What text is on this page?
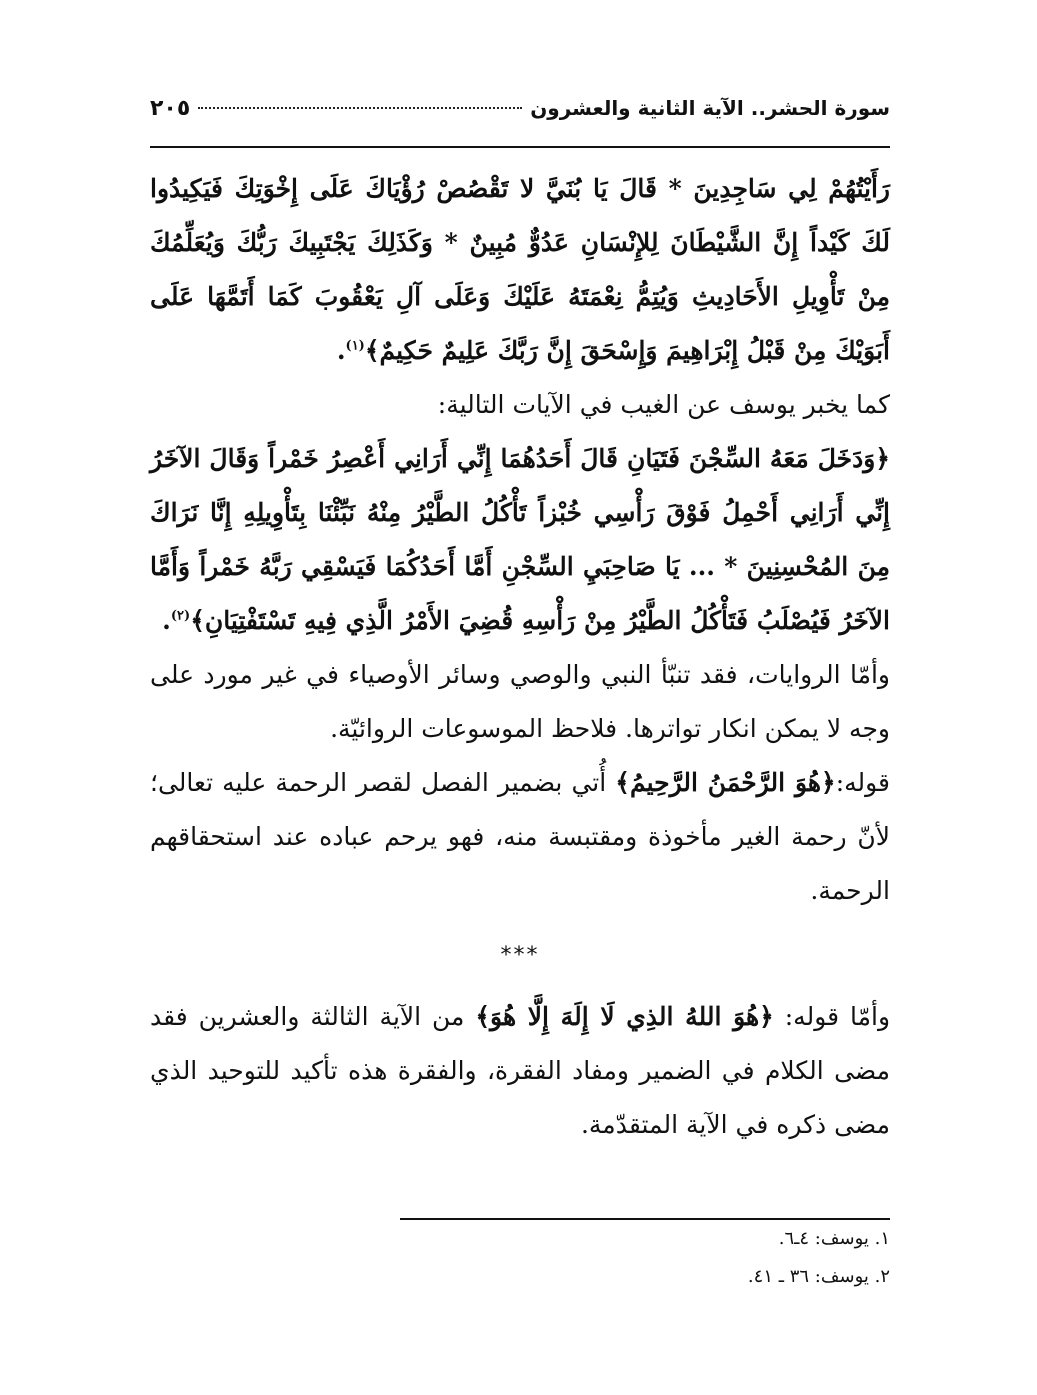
سورة الحشر.. الآية الثانية والعشرون
٢٠٥

رَأَيْتُهُمْ لِي سَاجِدِينَ * قَالَ يَا بُنَيَّ لا تَقْصُصْ رُؤْيَاكَ عَلَى إِخْوَتِكَ فَيَكِيدُوا لَكَ كَيْداً إِنَّ الشَّيْطَانَ لِلإِنْسَانِ عَدُوٌّ مُبِينٌ * وَكَذَلِكَ يَجْتَبِيكَ رَبُّكَ وَيُعَلِّمُكَ مِنْ تَأْوِيلِ الأَحَادِيثِ وَيُتِمُّ نِعْمَتَهُ عَلَيْكَ وَعَلَى آلِ يَعْقُوبَ كَمَا أَتَمَّهَا عَلَى أَبَوَيْكَ مِنْ قَبْلُ إِبْرَاهِيمَ وَإِسْحَقَ إِنَّ رَبَّكَ عَلِيمٌ حَكِيمٌ﴾$^{(١)}$.

كما يخبر يوسف عن الغيب في الآيات التالية:

﴿وَدَخَلَ مَعَهُ السِّجْنَ فَتَيَانِ قَالَ أَحَدُهُمَا إِنِّي أَرَانِي أَعْصِرُ خَمْراً وَقَالَ الآخَرُ إِنِّي أَرَانِي أَحْمِلُ فَوْقَ رَأْسِي خُبْزاً تَأْكُلُ الطَّيْرُ مِنْهُ نَبِّئْنَا بِتَأْوِيلِهِ إِنَّا نَرَاكَ مِنَ المُحْسِنِينَ * ... يَا صَاحِبَيِ السِّجْنِ أَمَّا أَحَدُكُمَا فَيَسْقِي رَبَّهُ خَمْراً وَأَمَّا الآخَرُ فَيُصْلَبُ فَتَأْكُلُ الطَّيْرُ مِنْ رَأْسِهِ قُضِيَ الأَمْرُ الَّذِي فِيهِ تَسْتَفْتِيَانِ﴾$^{(٢)}$.

وأمّا الروايات، فقد تنبّأ النبي والوصي وسائر الأوصياء في غير مورد على وجه لا يمكن انكار تواترها. فلاحظ الموسوعات الروائيّة.

قوله:﴿هُوَ الرَّحْمَنُ الرَّحِيمُ﴾ أُتي بضمير الفصل لقصر الرحمة عليه تعالى؛ لأنّ رحمة الغير مأخوذة ومقتبسة منه، فهو يرحم عباده عند استحقاقهم الرحمة.

***

وأمّا قوله: ﴿هُوَ اللهُ الذِي لَا إِلَهَ إِلَّا هُوَ﴾ من الآية الثالثة والعشرين فقد مضى الكلام في الضمير ومفاد الفقرة، والفقرة هذه تأكيد للتوحيد الذي مضى ذكره في الآية المتقدّمة.

١. يوسف: ٤ـ٦.

٢. يوسف: ٣٦ ـ ٤١.
